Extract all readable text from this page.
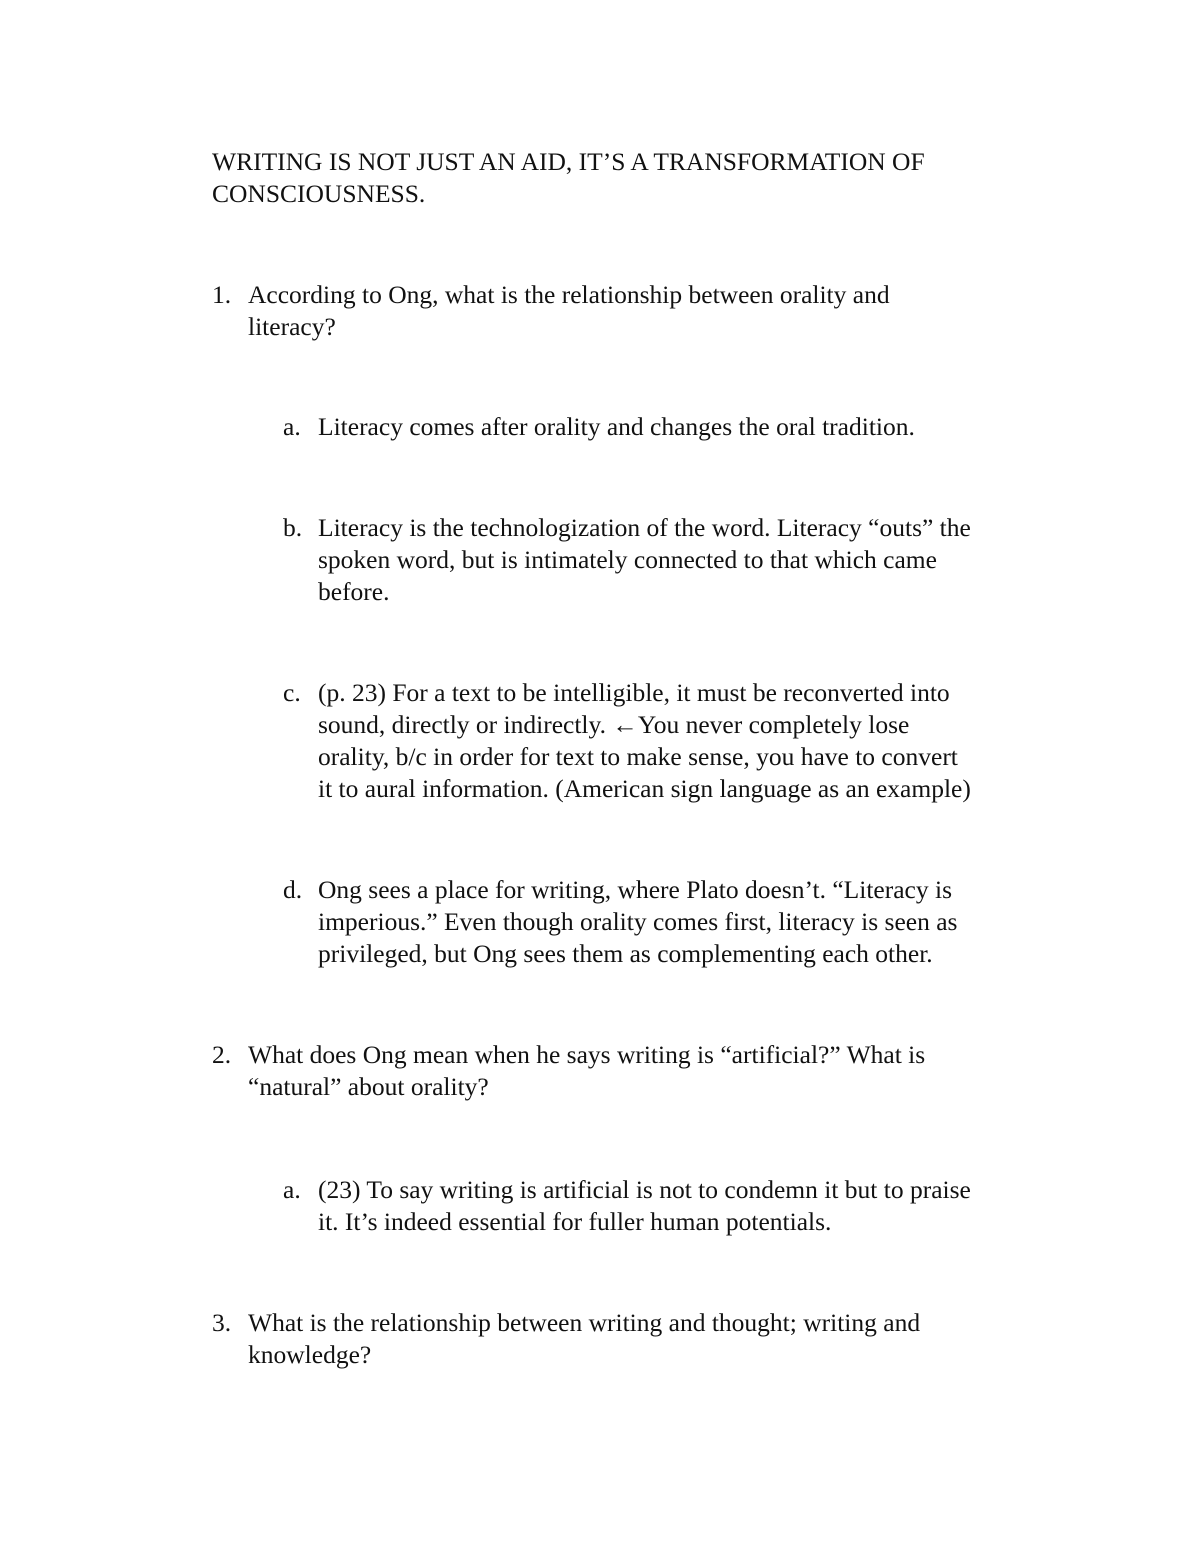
WRITING IS NOT JUST AN AID, IT’S A TRANSFORMATION OF
CONSCIOUSNESS.
1. According to Ong, what is the relationship between orality and
literacy?
a. Literacy comes after orality and changes the oral tradition.
b. Literacy is the technologization of the word. Literacy “outs” the
spoken word, but is intimately connected to that which came
before.
c. (p. 23) For a text to be intelligible, it must be reconverted into
sound, directly or indirectly. ←You never completely lose
orality, b/c in order for text to make sense, you have to convert
it to aural information. (American sign language as an example)
d. Ong sees a place for writing, where Plato doesn’t. “Literacy is
imperious.” Even though orality comes first, literacy is seen as
privileged, but Ong sees them as complementing each other.
2. What does Ong mean when he says writing is “artificial?” What is
“natural” about orality?
a. (23) To say writing is artificial is not to condemn it but to praise
it. It’s indeed essential for fuller human potentials.
3. What is the relationship between writing and thought; writing and
knowledge?
